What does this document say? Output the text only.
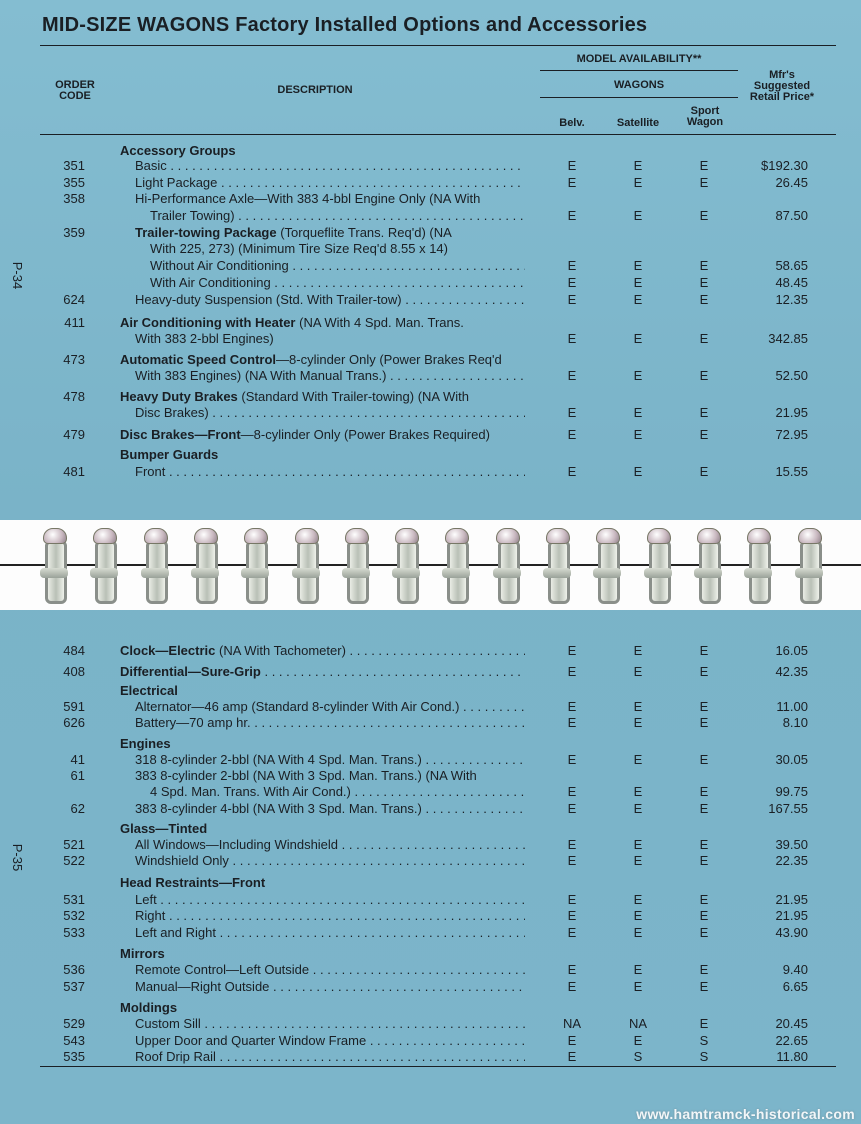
MID-SIZE WAGONS Factory Installed Options and Accessories
ORDER CODE	DESCRIPTION
MODEL AVAILABILITY**
WAGONS
Belv.	Satellite
Sport Wagon
Mfr's Suggested Retail Price*
P-34
P-35
Accessory Groups
351	Basic . . .	E	E	E	$192.30
355	Light Package . . .	E	E	E	26.45
358	Hi-Performance Axle—With 383 4-bbl Engine Only (NA With
Trailer Towing) . . .	E	E	E	87.50
359	Trailer-towing Package (Torqueflite Trans. Req'd) (NA
With 225, 273) (Minimum Tire Size Req'd 8.55 x 14)
Without Air Conditioning . . .	E	E	E	58.65
With Air Conditioning . . .	E	E	E	48.45
624	Heavy-duty Suspension (Std. With Trailer-tow) . . .	E	E	E	12.35
411	Air Conditioning with Heater (NA With 4 Spd. Man. Trans.
With 383 2-bbl Engines)	E	E	E	342.85
473	Automatic Speed Control—8-cylinder Only (Power Brakes Req'd
With 383 Engines) (NA With Manual Trans.) . . .	E	E	E	52.50
478	Heavy Duty Brakes (Standard With Trailer-towing) (NA With
Disc Brakes) . . .	E	E	E	21.95
479	Disc Brakes—Front—8-cylinder Only (Power Brakes Required)	E	E	E	72.95
Bumper Guards
481	Front . . .	E	E	E	15.55
484	Clock—Electric (NA With Tachometer) . . .	E	E	E	16.05
408	Differential—Sure-Grip . . .	E	E	E	42.35
Electrical
591	Alternator—46 amp (Standard 8-cylinder With Air Cond.) . . .	E	E	E	11.00
626	Battery—70 amp hr. . . .	E	E	E	8.10
Engines
41	318 8-cylinder 2-bbl (NA With 4 Spd. Man. Trans.) . . .	E	E	E	30.05
61	383 8-cylinder 2-bbl (NA With 3 Spd. Man. Trans.) (NA With
4 Spd. Man. Trans. With Air Cond.) . . .	E	E	E	99.75
62	383 8-cylinder 4-bbl (NA With 3 Spd. Man. Trans.) . . .	E	E	E	167.55
Glass—Tinted
521	All Windows—Including Windshield . . .	E	E	E	39.50
522	Windshield Only . . .	E	E	E	22.35
Head Restraints—Front
531	Left . . .	E	E	E	21.95
532	Right . . .	E	E	E	21.95
533	Left and Right . . .	E	E	E	43.90
Mirrors
536	Remote Control—Left Outside . . .	E	E	E	9.40
537	Manual—Right Outside . . .	E	E	E	6.65
Moldings
529	Custom Sill . . .	NA	NA	E	20.45
543	Upper Door and Quarter Window Frame . . .	E	E	S	22.65
535	Roof Drip Rail . . .	E	S	S	11.80
www.hamtramck-historical.com
